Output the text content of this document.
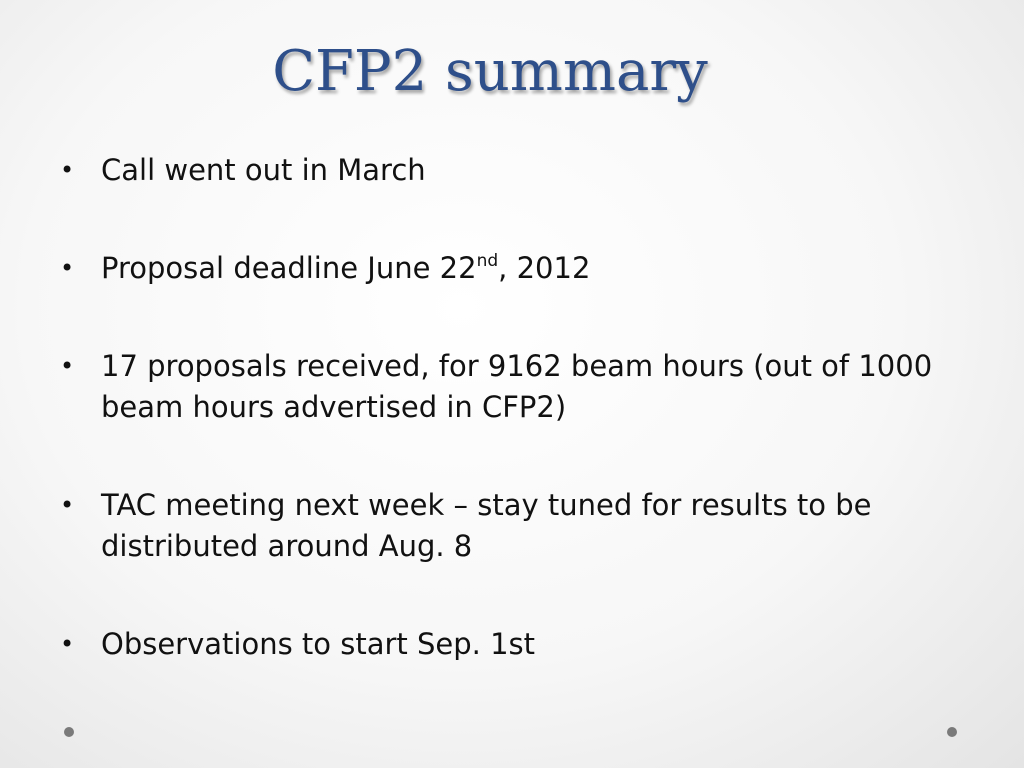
CFP2 summary
• Call went out in March
• Proposal deadline June 22nd, 2012
• 17 proposals received, for 9162 beam hours (out of 1000 beam hours advertised in CFP2)
• TAC meeting next week – stay tuned for results to be distributed around Aug. 8
• Observations to start Sep. 1st
